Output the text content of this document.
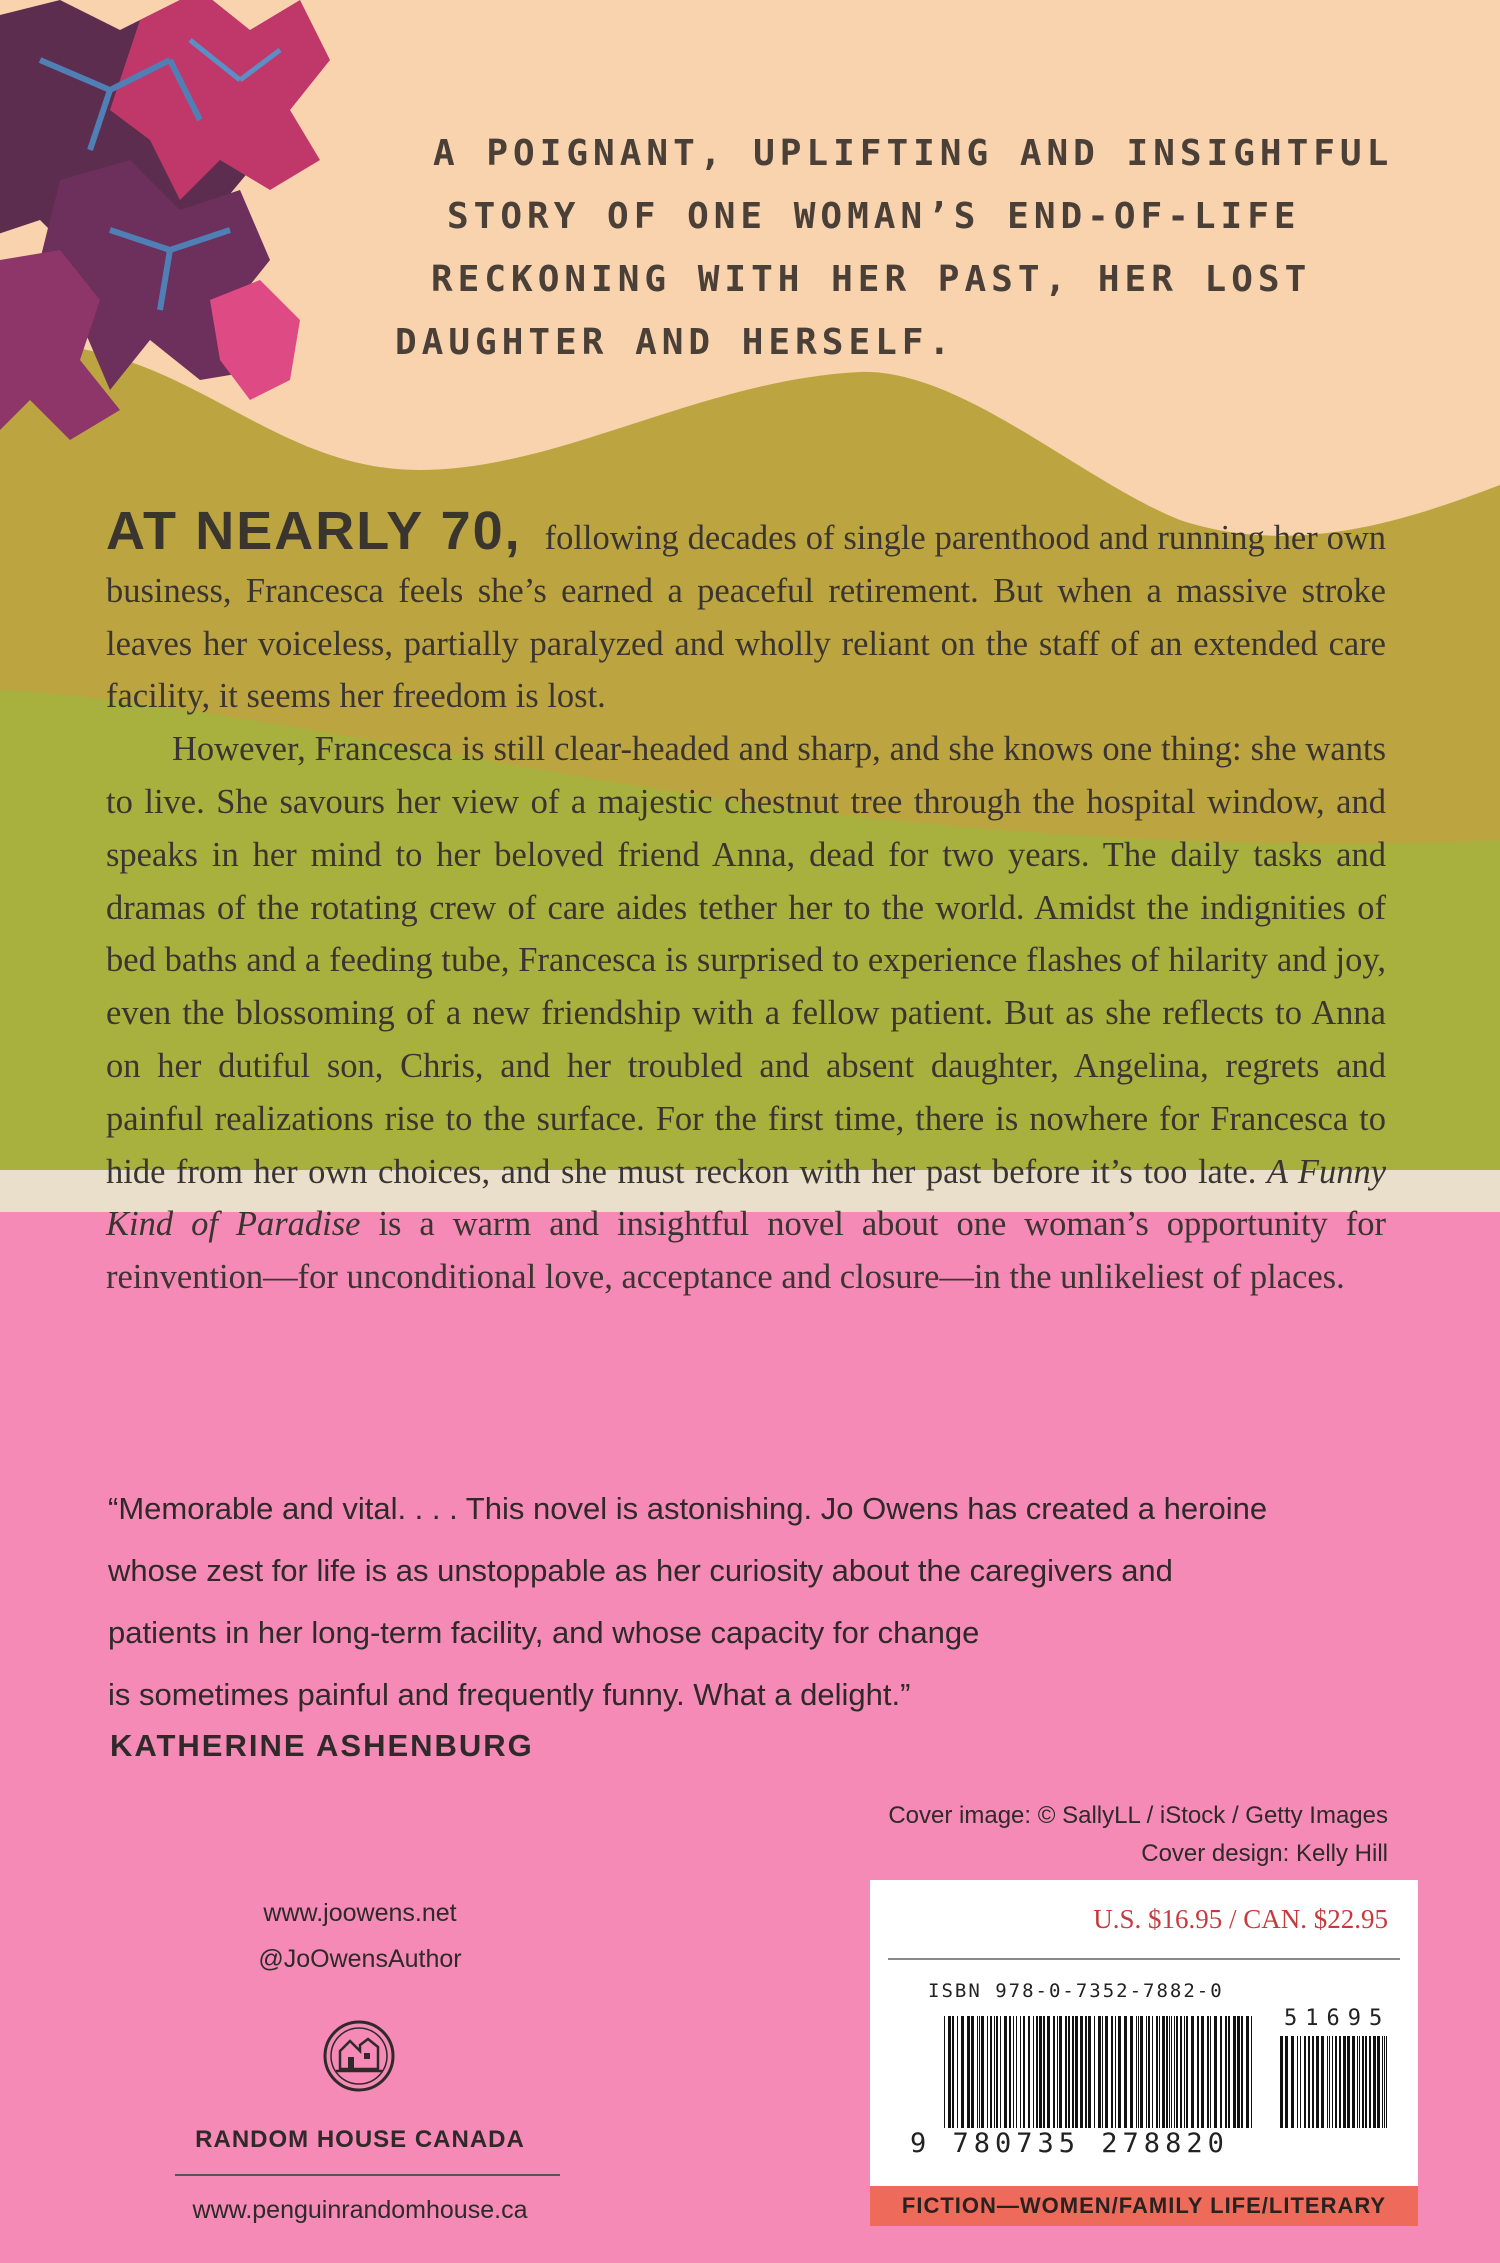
A POIGNANT, UPLIFTING AND INSIGHTFUL
STORY OF ONE WOMAN’S END-OF-LIFE
RECKONING WITH HER PAST, HER LOST
DAUGHTER AND HERSELF.

AT NEARLY 70, following decades of single parenthood and running her own business, Francesca feels she’s earned a peaceful retirement. But when a massive stroke leaves her voiceless, partially paralyzed and wholly reliant on the staff of an extended care facility, it seems her freedom is lost.

However, Francesca is still clear-headed and sharp, and she knows one thing: she wants to live. She savours her view of a majestic chestnut tree through the hospital window, and speaks in her mind to her beloved friend Anna, dead for two years. The daily tasks and dramas of the rotating crew of care aides tether her to the world. Amidst the indignities of bed baths and a feeding tube, Francesca is surprised to experience flashes of hilarity and joy, even the blossoming of a new friendship with a fellow patient. But as she reflects to Anna on her dutiful son, Chris, and her troubled and absent daughter, Angelina, regrets and painful realizations rise to the surface. For the first time, there is nowhere for Francesca to hide from her own choices, and she must reckon with her past before it’s too late. A Funny Kind of Paradise is a warm and insightful novel about one woman’s opportunity for reinvention—for unconditional love, acceptance and closure—in the unlikeliest of places.

“Memorable and vital. . . . This novel is astonishing. Jo Owens has created a heroine
whose zest for life is as unstoppable as her curiosity about the caregivers and
patients in her long-term facility, and whose capacity for change
is sometimes painful and frequently funny. What a delight.”
KATHERINE ASHENBURG
Cover image: © SallyLL / iStock / Getty Images
Cover design: Kelly Hill
www.joowens.net
@JoOwensAuthor
RANDOM HOUSE CANADA
www.penguinrandomhouse.ca
U.S. $16.95 / CAN. $22.95
ISBN 978-0-7352-7882-0
51695
9 780735 278820
FICTION—WOMEN/FAMILY LIFE/LITERARY
